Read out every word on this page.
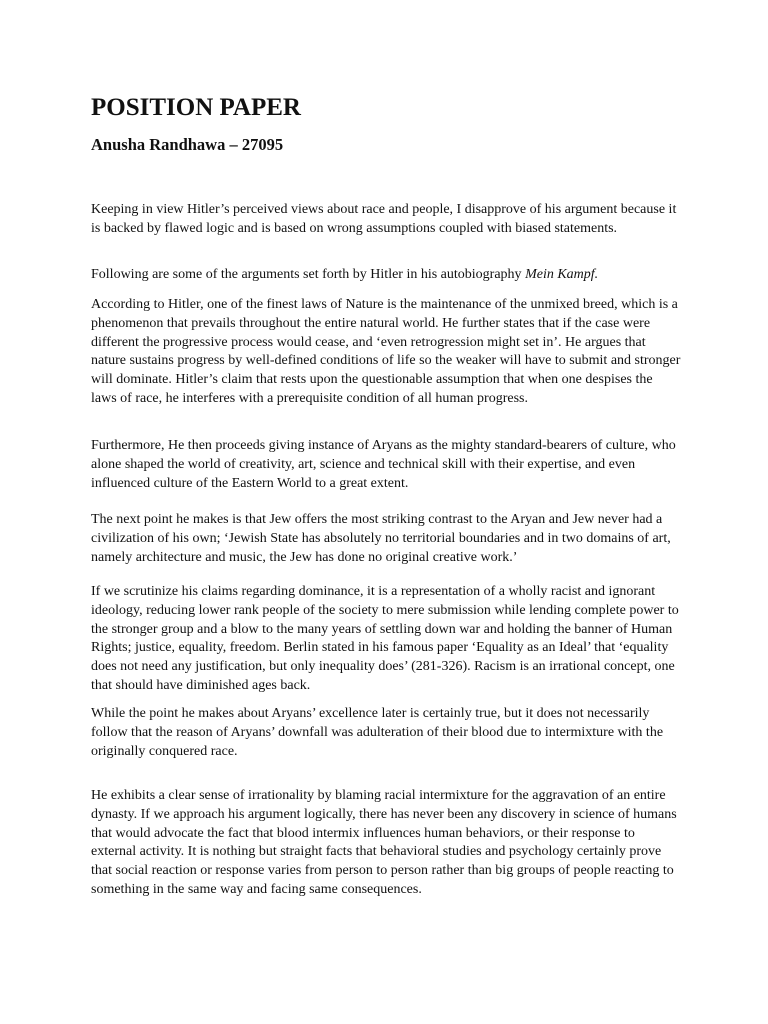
POSITION PAPER
Anusha Randhawa – 27095

Keeping in view Hitler’s perceived views about race and people, I disapprove of his argument because it is backed by flawed logic and is based on wrong assumptions coupled with biased statements.

Following are some of the arguments set forth by Hitler in his autobiography Mein Kampf.

According to Hitler, one of the finest laws of Nature is the maintenance of the unmixed breed, which is a phenomenon that prevails throughout the entire natural world. He further states that if the case were different the progressive process would cease, and ‘even retrogression might set in’. He argues that nature sustains progress by well-defined conditions of life so the weaker will have to submit and stronger will dominate. Hitler’s claim that rests upon the questionable assumption that when one despises the laws of race, he interferes with a prerequisite condition of all human progress.

Furthermore, He then proceeds giving instance of Aryans as the mighty standard-bearers of culture, who alone shaped the world of creativity, art, science and technical skill with their expertise, and even influenced culture of the Eastern World to a great extent.

The next point he makes is that Jew offers the most striking contrast to the Aryan and Jew never had a civilization of his own; ‘Jewish State has absolutely no territorial boundaries and in two domains of art, namely architecture and music, the Jew has done no original creative work.’

If we scrutinize his claims regarding dominance, it is a representation of a wholly racist and ignorant ideology, reducing lower rank people of the society to mere submission while lending complete power to the stronger group and a blow to the many years of settling down war and holding the banner of Human Rights; justice, equality, freedom. Berlin stated in his famous paper ‘Equality as an Ideal’ that ‘equality does not need any justification, but only inequality does’ (281-326). Racism is an irrational concept, one that should have diminished ages back.

While the point he makes about Aryans’ excellence later is certainly true, but it does not necessarily follow that the reason of Aryans’ downfall was adulteration of their blood due to intermixture with the originally conquered race.

He exhibits a clear sense of irrationality by blaming racial intermixture for the aggravation of an entire dynasty. If we approach his argument logically, there has never been any discovery in science of humans that would advocate the fact that blood intermix influences human behaviors, or their response to external activity. It is nothing but straight facts that behavioral studies and psychology certainly prove that social reaction or response varies from person to person rather than big groups of people reacting to something in the same way and facing same consequences.
